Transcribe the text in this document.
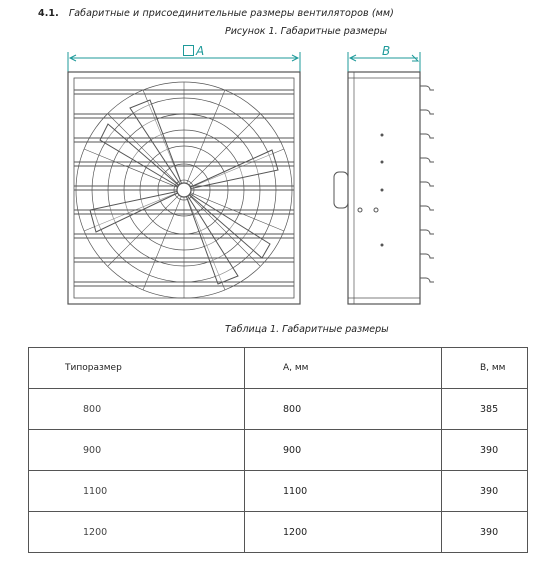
4.1. Габаритные и присоединительные размеры вентиляторов (мм)
Рисунок 1. Габаритные размеры
A	B
Таблица 1. Габаритные размеры
Типоразмер	А, мм	В, мм
800	800	385
900	900	390
1100	1100	390
1200	1200	390
